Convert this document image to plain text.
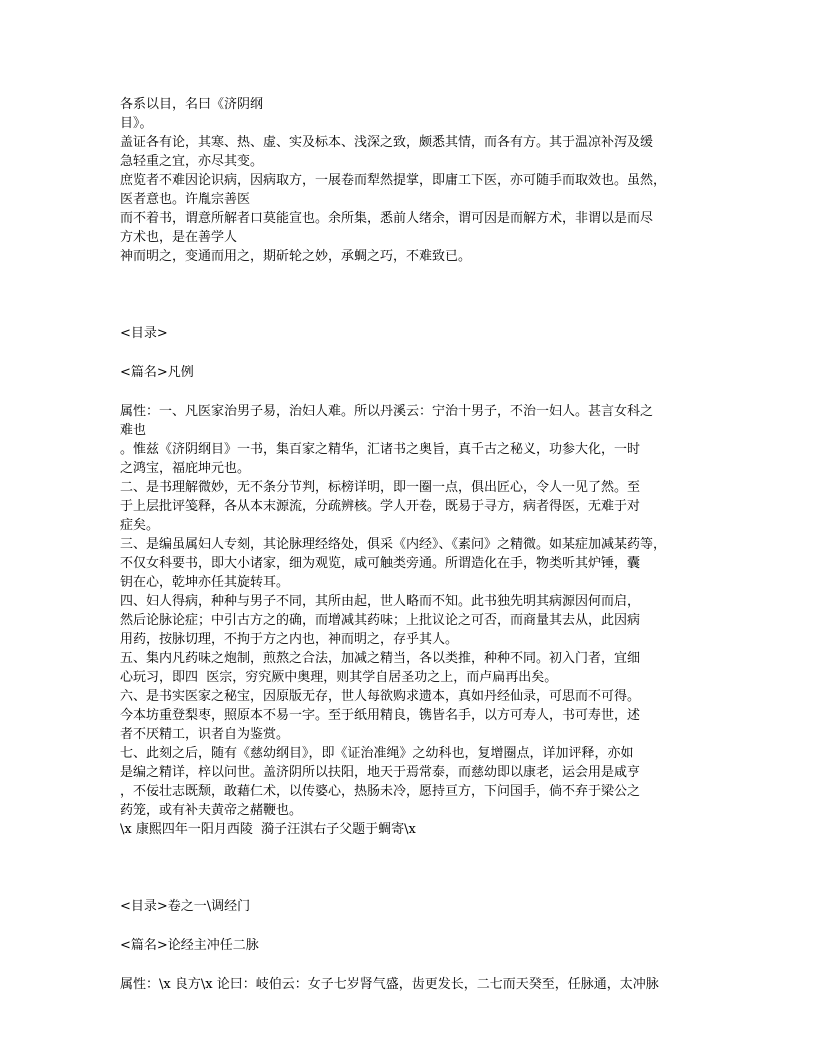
各系以目，名曰《济阴纲
目》。
盖证各有论，其寒、热、虚、实及标本、浅深之致，颇悉其情，而各有方。其于温凉补泻及缓
急轻重之宜，亦尽其变。
庶览者不难因论识病，因病取方，一展卷而犁然提掌，即庸工下医，亦可随手而取效也。虽然，
医者意也。许胤宗善医
而不着书，谓意所解者口莫能宣也。余所集，悉前人绪余，谓可因是而解方术，非谓以是而尽
方术也，是在善学人
神而明之，变通而用之，期斫轮之妙，承蜩之巧，不难致已。
<目录>
<篇名>凡例
属性：一、凡医家治男子易，治妇人难。所以丹溪云：宁治十男子，不治一妇人。甚言女科之
难也
。惟兹《济阴纲目》一书，集百家之精华，汇诸书之奥旨，真千古之秘义，功参大化，一时
之鸿宝，福庇坤元也。
二、是书理解微妙，无不条分节判，标榜详明，即一圈一点，俱出匠心，令人一见了然。至
于上层批评笺释，各从本末源流，分疏辨核。学人开卷，既易于寻方，病者得医，无难于对
症矣。
三、是编虽属妇人专刻，其论脉理经络处，俱采《内经》、《素问》之精微。如某症加减某药等，
不仅女科要书，即大小诸家，细为观览，咸可触类旁通。所谓造化在手，物类听其炉锤，囊
钥在心，乾坤亦任其旋转耳。
四、妇人得病，种种与男子不同，其所由起，世人略而不知。此书独先明其病源因何而启，
然后论脉论症；中引古方之的确，而增减其药味；上批议论之可否，而商量其去从，此因病
用药，按脉切理，不拘于方之内也，神而明之，存乎其人。
五、集内凡药味之炮制，煎熬之合法，加减之精当，各以类推，种种不同。初入门者，宜细
心玩习，即四  医宗，穷究厥中奥理，则其学自居圣功之上，而卢扁再出矣。
六、是书实医家之秘宝，因原版无存，世人每欲购求遗本，真如丹经仙录，可思而不可得。
今本坊重登梨枣，照原本不易一字。至于纸用精良，镌皆名手，以方可寿人，书可寿世，述
者不厌精工，识者自为鉴赏。
七、此刻之后，随有《慈幼纲目》，即《证治准绳》之幼科也，复增圈点，详加评释，亦如
是编之精详，梓以问世。盖济阴所以扶阳，地天于焉常泰，而慈幼即以康老，运会用是咸亨
，不佞壮志既颓，敢藉仁术，以传婆心，热肠未冷，愿持亘方，下问国手，倘不弃于梁公之
药笼，或有补夫黄帝之赭鞭也。
\x 康熙四年一阳月西陵  漪子汪淇右子父题于蜩寄\x
<目录>卷之一\调经门
<篇名>论经主冲任二脉
属性：\x 良方\x 论曰：岐伯云：女子七岁肾气盛，齿更发长，二七而天癸至，任脉通，太冲脉
